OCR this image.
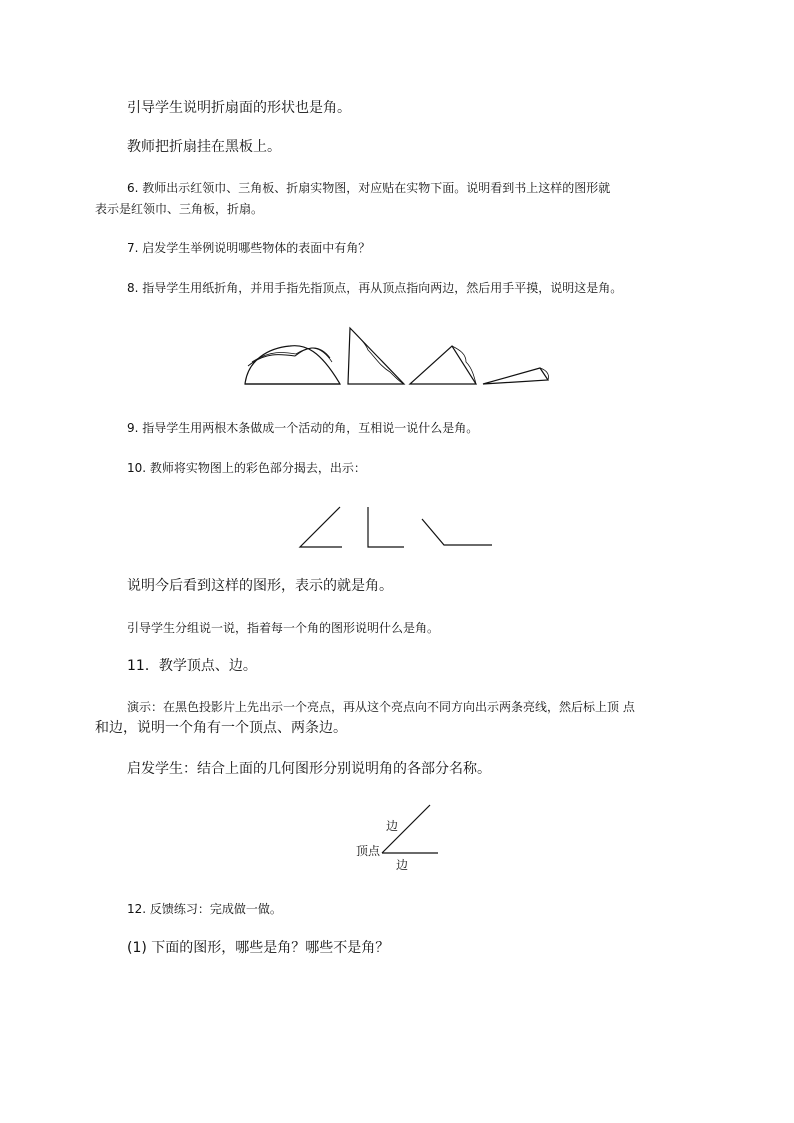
引导学生说明折扇面的形状也是角。
教师把折扇挂在黑板上。
6. 教师出示红领巾、三角板、折扇实物图，对应贴在实物下面。说明看到书上这样的图形就
表示是红领巾、三角板，折扇。
7. 启发学生举例说明哪些物体的表面中有角？
8. 指导学生用纸折角，并用手指先指顶点，再从顶点指向两边，然后用手平摸，说明这是角。
9. 指导学生用两根木条做成一个活动的角，互相说一说什么是角。
10. 教师将实物图上的彩色部分揭去，出示：
说明今后看到这样的图形，表示的就是角。
引导学生分组说一说，指着每一个角的图形说明什么是角。
11．教学顶点、边。
演示：在黑色投影片上先出示一个亮点，再从这个亮点向不同方向出示两条亮线，然后标上顶 点
和边，说明一个角有一个顶点、两条边。
启发学生：结合上面的几何图形分别说明角的各部分名称。
边
顶点
边
12. 反馈练习：完成做一做。
(1) 下面的图形，哪些是角？哪些不是角？
